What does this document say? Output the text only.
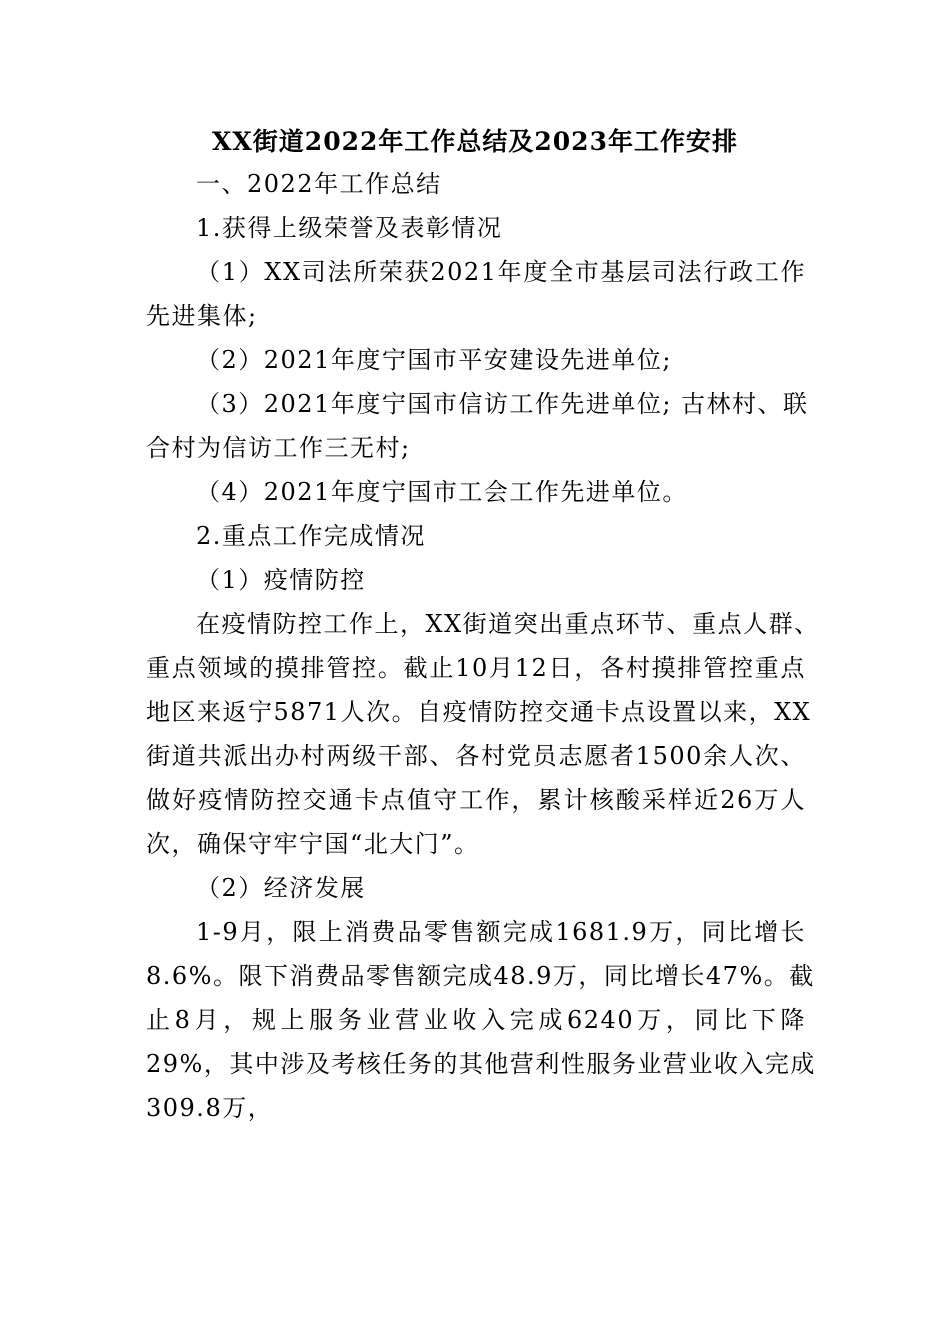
XX街道2022年工作总结及2023年工作安排
一、2022年工作总结
1.获得上级荣誉及表彰情况
（1）XX司法所荣获2021年度全市基层司法行政工作
先进集体;
（2）2021年度宁国市平安建设先进单位;
（3）2021年度宁国市信访工作先进单位; 古林村、联
合村为信访工作三无村;
（4）2021年度宁国市工会工作先进单位。
2.重点工作完成情况
（1）疫情防控
在疫情防控工作上，XX街道突出重点环节、重点人群、
重点领域的摸排管控。截止10月12日，各村摸排管控重点
地区来返宁5871人次。自疫情防控交通卡点设置以来，XX
街道共派出办村两级干部、各村党员志愿者1500余人次、
做好疫情防控交通卡点值守工作，累计核酸采样近26万人
次，确保守牢宁国“北大门”。
（2）经济发展
1-9月，限上消费品零售额完成1681.9万，同比增长
8.6%。限下消费品零售额完成48.9万，同比增长47%。截
止8月，规上服务业营业收入完成6240万，同比下降
29%，其中涉及考核任务的其他营利性服务业营业收入完成
309.8万，
